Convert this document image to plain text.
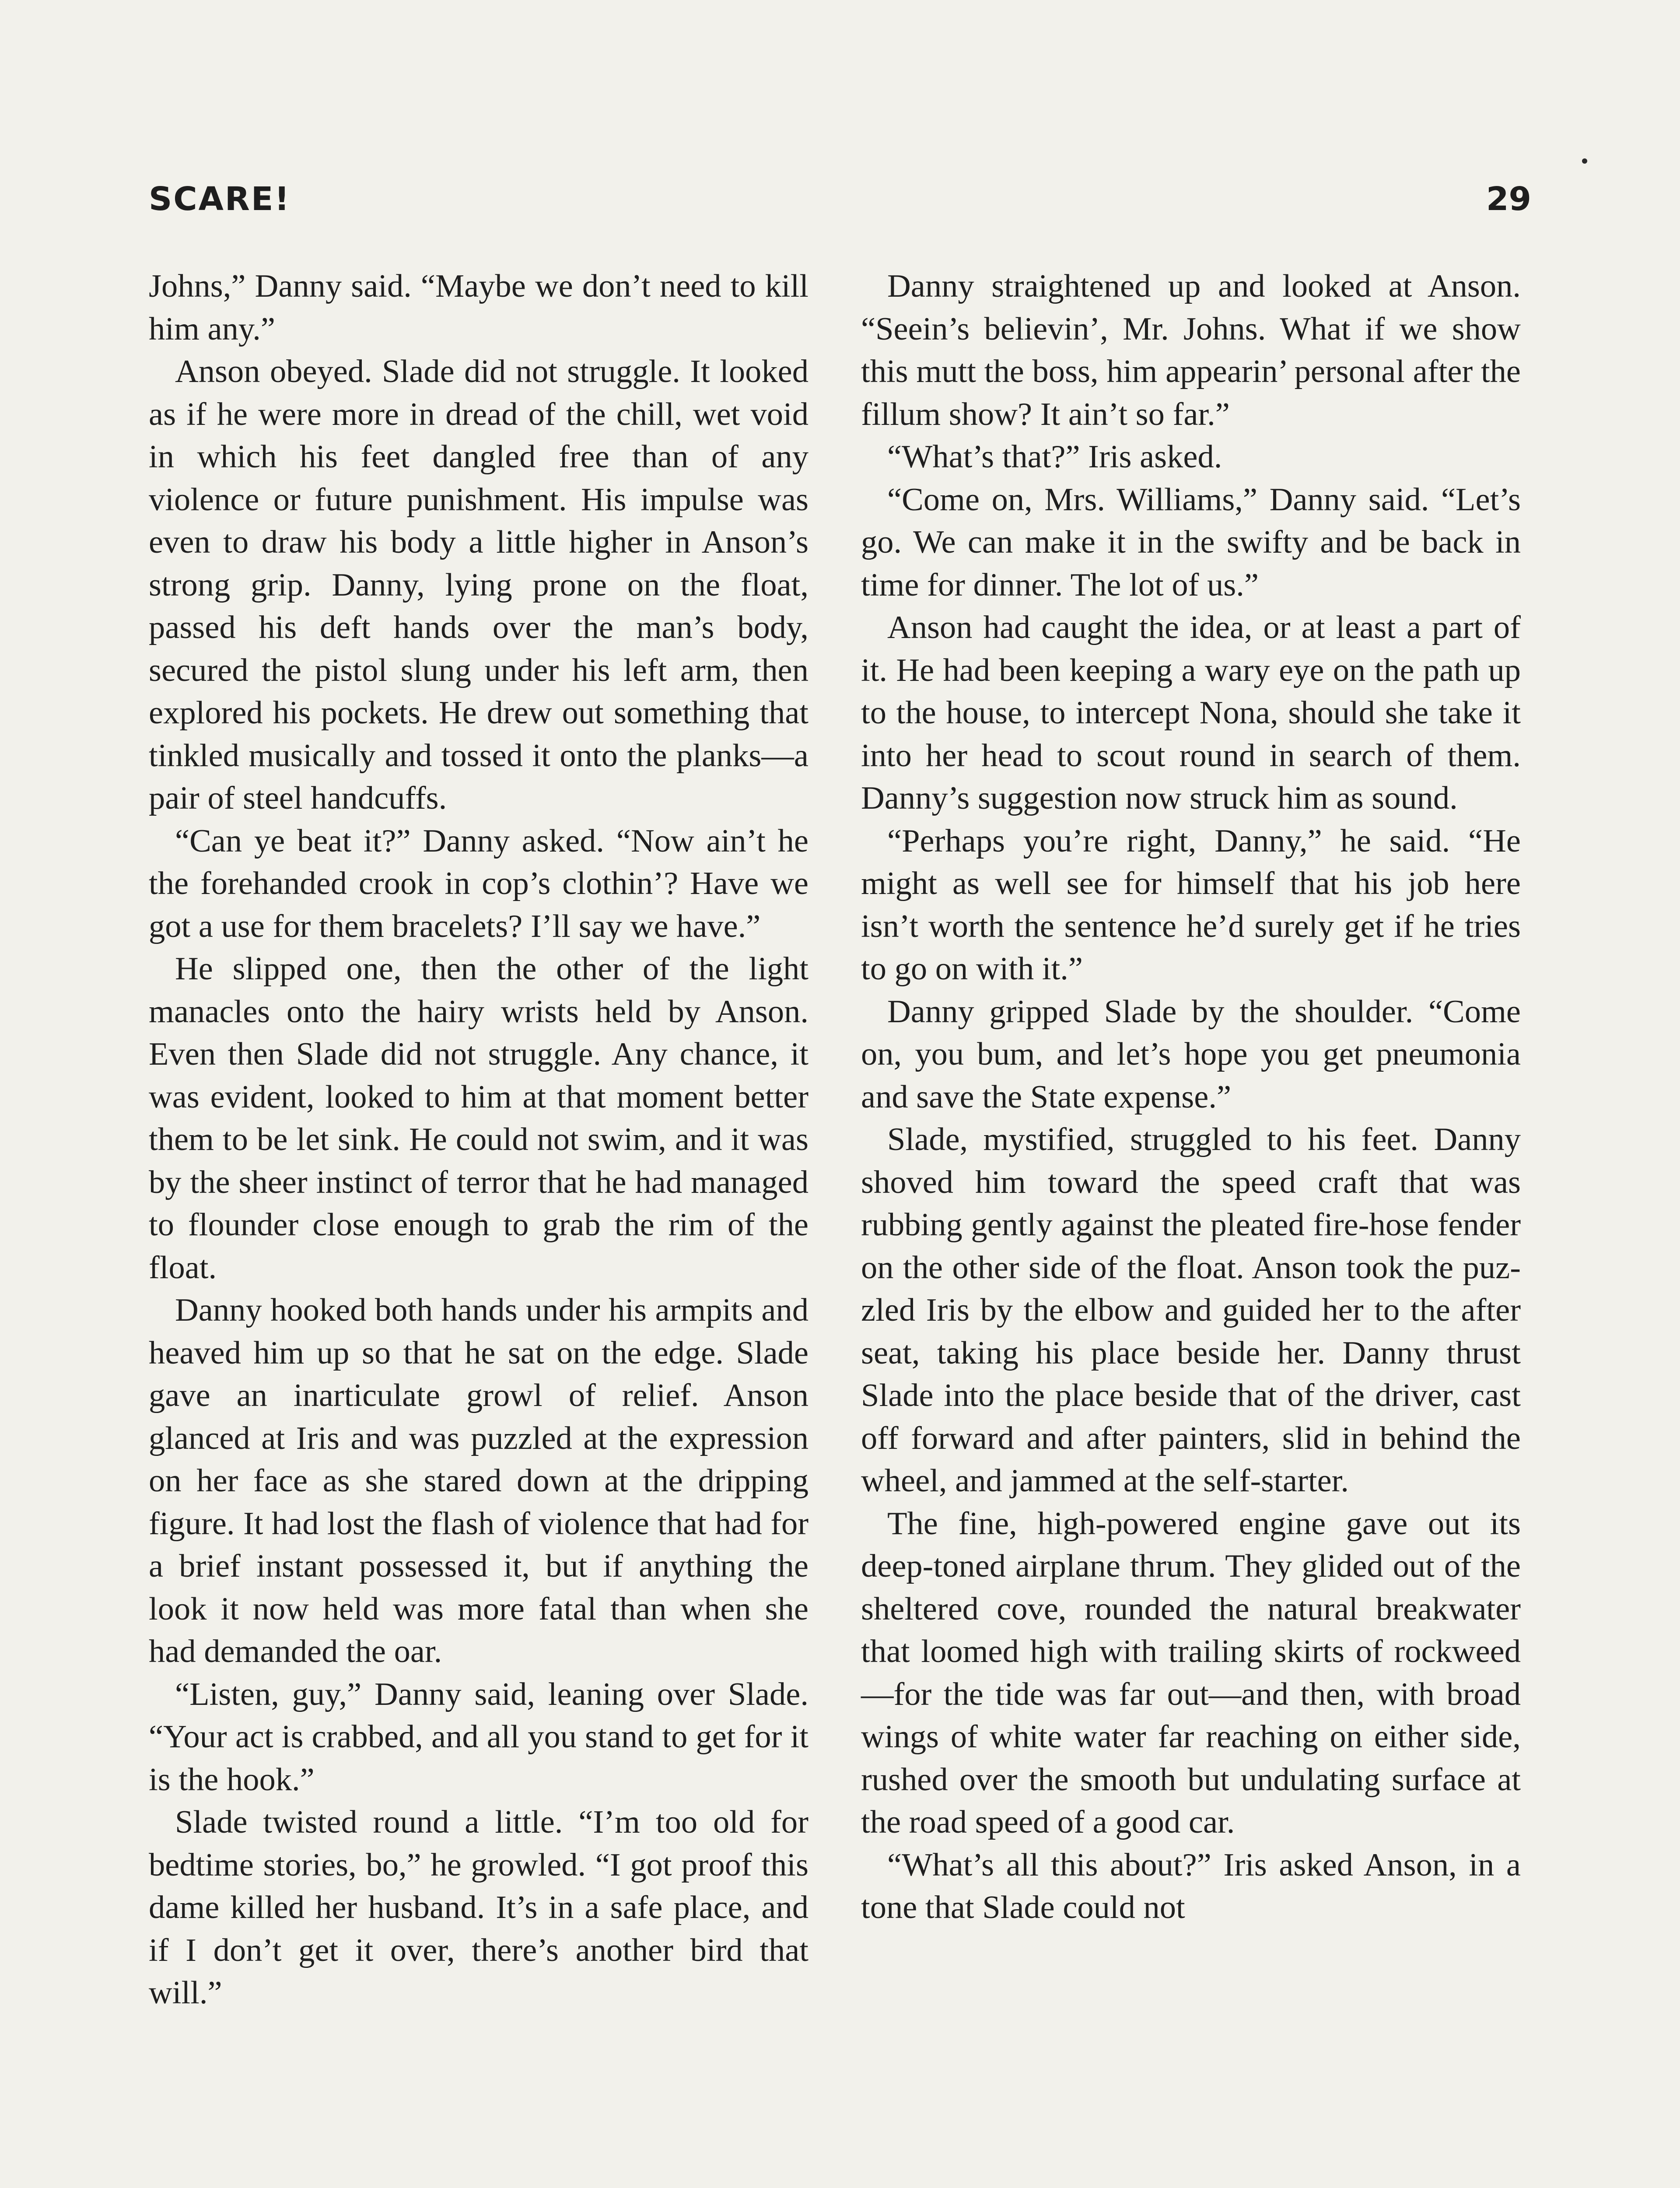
SCARE!	29

Johns,” Danny said. “Maybe we don’t need to kill him any.”

Anson obeyed. Slade did not struggle. It looked as if he were more in dread of the chill, wet void in which his feet dangled free than of any violence or future punishment. His impulse was even to draw his body a little higher in Anson’s strong grip. Danny, lying prone on the float, passed his deft hands over the man’s body, secured the pistol slung under his left arm, then explored his pockets. He drew out something that tinkled musically and tossed it onto the planks—a pair of steel handcuffs.

“Can ye beat it?” Danny asked. “Now ain’t he the forehanded crook in cop’s clothin’? Have we got a use for them bracelets? I’ll say we have.”

He slipped one, then the other of the light manacles onto the hairy wrists held by Anson. Even then Slade did not struggle. Any chance, it was evident, looked to him at that moment better them to be let sink. He could not swim, and it was by the sheer instinct of terror that he had managed to flounder close enough to grab the rim of the float.

Danny hooked both hands under his armpits and heaved him up so that he sat on the edge. Slade gave an inarticulate growl of relief. Anson glanced at Iris and was puzzled at the expression on her face as she stared down at the dripping figure. It had lost the flash of violence that had for a brief instant possessed it, but if anything the look it now held was more fatal than when she had demanded the oar.

“Listen, guy,” Danny said, leaning over Slade. “Your act is crabbed, and all you stand to get for it is the hook.”

Slade twisted round a little. “I’m too old for bedtime stories, bo,” he growled. “I got proof this dame killed her husband. It’s in a safe place, and if I don’t get it over, there’s another bird that will.”

Danny straightened up and looked at Anson. “Seein’s believin’, Mr. Johns. What if we show this mutt the boss, him appearin’ personal after the fillum show? It ain’t so far.”

“What’s that?” Iris asked.

“Come on, Mrs. Williams,” Danny said. “Let’s go. We can make it in the swifty and be back in time for dinner. The lot of us.”

Anson had caught the idea, or at least a part of it. He had been keeping a wary eye on the path up to the house, to intercept Nona, should she take it into her head to scout round in search of them. Danny’s suggestion now struck him as sound.

“Perhaps you’re right, Danny,” he said. “He might as well see for himself that his job here isn’t worth the sentence he’d surely get if he tries to go on with it.”

Danny gripped Slade by the shoulder. “Come on, you bum, and let’s hope you get pneumonia and save the State expense.”

Slade, mystified, struggled to his feet. Danny shoved him toward the speed craft that was rubbing gently against the pleated fire-hose fender on the other side of the float. Anson took the puzzled Iris by the elbow and guided her to the after seat, taking his place beside her. Danny thrust Slade into the place beside that of the driver, cast off forward and after painters, slid in behind the wheel, and jammed at the self-starter.

The fine, high-powered engine gave out its deep-toned airplane thrum. They glided out of the sheltered cove, rounded the natural breakwater that loomed high with trailing skirts of rockweed—for the tide was far out—and then, with broad wings of white water far reaching on either side, rushed over the smooth but undulating surface at the road speed of a good car.

“What’s all this about?” Iris asked Anson, in a tone that Slade could not
